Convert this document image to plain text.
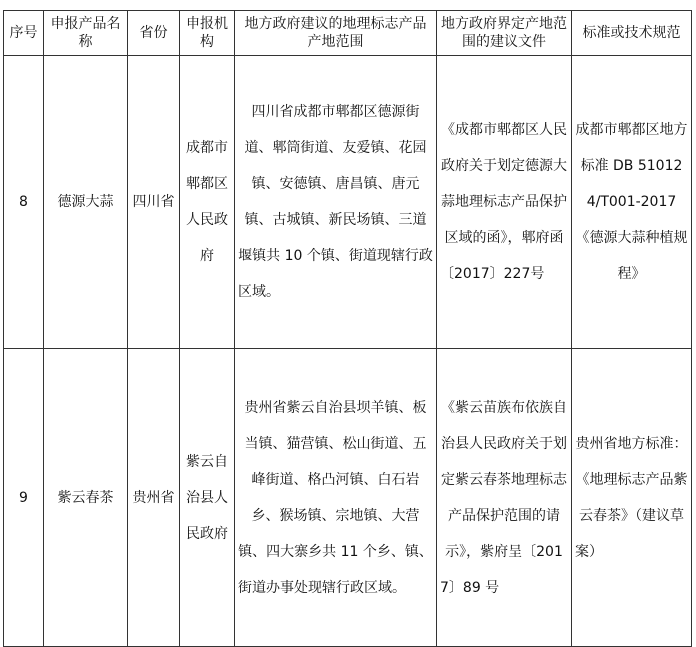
序号	申报产品名称	省份	申报机构	地方政府建议的地理标志产品产地范围	地方政府界定产地范围的建议文件	标准或技术规范
8	德源大蒜	四川省	成都市郫都区人民政府	四川省成都市郫都区德源街道、郫筒街道、友爱镇、花园镇、安德镇、唐昌镇、唐元镇、古城镇、新民场镇、三道堰镇共 10 个镇、街道现辖行政区域。	《成都市郫都区人民政府关于划定德源大蒜地理标志产品保护区域的函》，郫府函〔2017〕227号	成都市郫都区地方标准 DB 510124/T001-2017 《德源大蒜种植规程》
9	紫云春茶	贵州省	紫云自治县人民政府	贵州省紫云自治县坝羊镇、板当镇、猫营镇、松山街道、五峰街道、格凸河镇、白石岩乡、猴场镇、宗地镇、大营镇、四大寨乡共 11 个乡、镇、街道办事处现辖行政区域。	《紫云苗族布依族自治县人民政府关于划定紫云春茶地理标志产品保护范围的请示》，紫府呈〔2017〕89 号	贵州省地方标准：《地理标志产品紫云春茶》（建议草案）
